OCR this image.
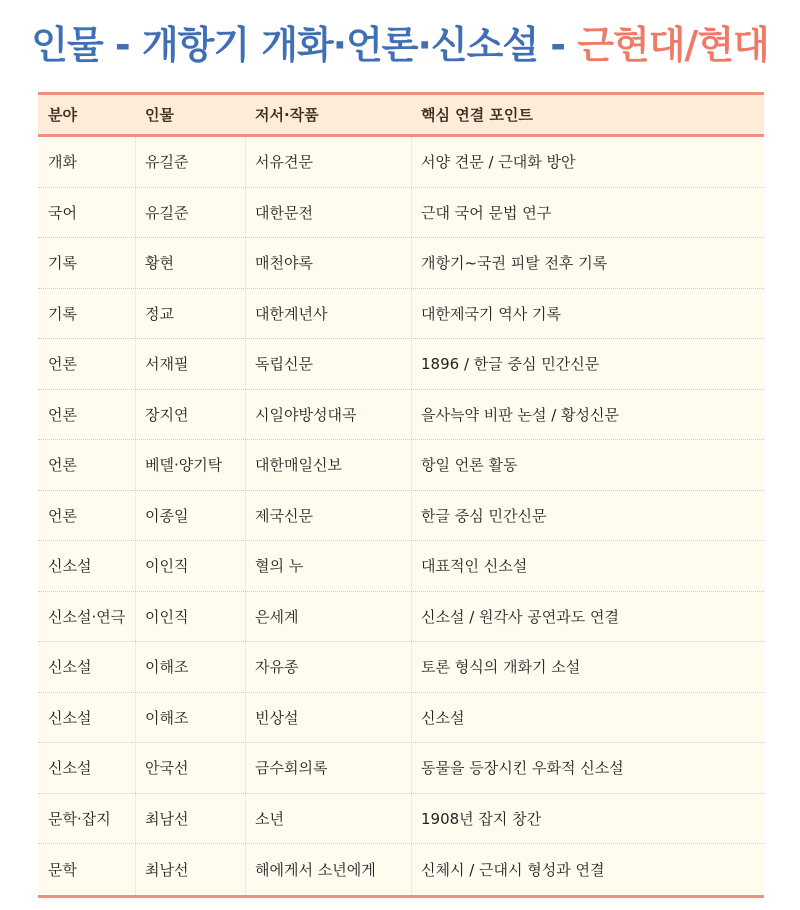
인물 - 개항기 개화·언론·신소설 - 근현대/현대
분야	인물	저서·작품	핵심 연결 포인트
개화	유길준	서유견문	서양 견문 / 근대화 방안
국어	유길준	대한문전	근대 국어 문법 연구
기록	황현	매천야록	개항기~국권 피탈 전후 기록
기록	정교	대한계년사	대한제국기 역사 기록
언론	서재필	독립신문	1896 / 한글 중심 민간신문
언론	장지연	시일야방성대곡	을사늑약 비판 논설 / 황성신문
언론	베델·양기탁	대한매일신보	항일 언론 활동
언론	이종일	제국신문	한글 중심 민간신문
신소설	이인직	혈의 누	대표적인 신소설
신소설·연극	이인직	은세계	신소설 / 원각사 공연과도 연결
신소설	이해조	자유종	토론 형식의 개화기 소설
신소설	이해조	빈상설	신소설
신소설	안국선	금수회의록	동물을 등장시킨 우화적 신소설
문학·잡지	최남선	소년	1908년 잡지 창간
문학	최남선	해에게서 소년에게	신체시 / 근대시 형성과 연결
